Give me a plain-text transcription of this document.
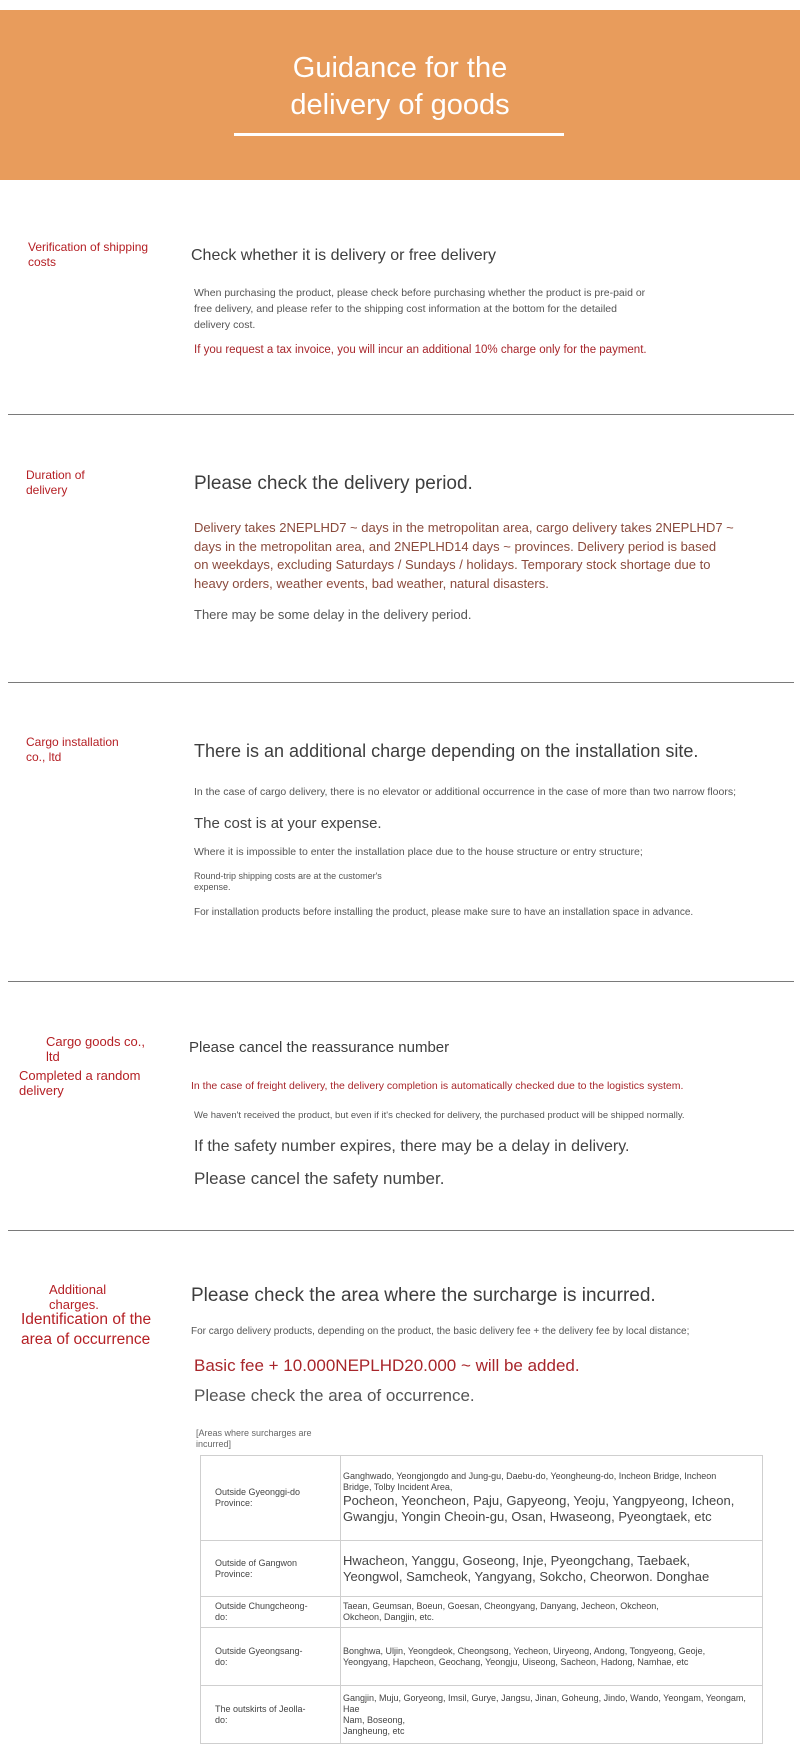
Guidance for the
delivery of goods
Verification of shipping costs	Check whether it is delivery or free delivery
When purchasing the product, please check before purchasing whether the product is pre-paid or
free delivery, and please refer to the shipping cost information at the bottom for the detailed
delivery cost.
If you request a tax invoice, you will incur an additional 10% charge only for the payment.
Duration of
delivery	Please check the delivery period.
Delivery takes 2NEPLHD7 ~ days in the metropolitan area, cargo delivery takes 2NEPLHD7 ~
days in the metropolitan area, and 2NEPLHD14 days ~ provinces. Delivery period is based
on weekdays, excluding Saturdays / Sundays / holidays. Temporary stock shortage due to
heavy orders, weather events, bad weather, natural disasters.
There may be some delay in the delivery period.
Cargo installation
co., ltd	There is an additional charge depending on the installation site.
In the case of cargo delivery, there is no elevator or additional occurrence in the case of more than two narrow floors;
The cost is at your expense.
Where it is impossible to enter the installation place due to the house structure or entry structure;
Round-trip shipping costs are at the customer's
expense.
For installation products before installing the product, please make sure to have an installation space in advance.
Cargo goods co.,
ltd
Completed a random
delivery
Please cancel the reassurance number
In the case of freight delivery, the delivery completion is automatically checked due to the logistics system.
We haven't received the product, but even if it's checked for delivery, the purchased product will be shipped normally.
If the safety number expires, there may be a delay in delivery.
Please cancel the safety number.
Additional
charges.
Identification of the
area of occurrence
Please check the area where the surcharge is incurred.
For cargo delivery products, depending on the product, the basic delivery fee + the delivery fee by local distance;
Basic fee + 10.000NEPLHD20.000 ~ will be added.
Please check the area of occurrence.
[Areas where surcharges are
incurred]
Outside Gyeonggi-do
Province:	Ganghwado, Yeongjongdo and Jung-gu, Daebu-do, Yeongheung-do, Incheon Bridge, Incheon
Bridge, Tolby Incident Area,
Pocheon, Yeoncheon, Paju, Gapyeong, Yeoju, Yangpyeong, Icheon,
Gwangju, Yongin Cheoin-gu, Osan, Hwaseong, Pyeongtaek, etc

Outside of Gangwon
Province:	Hwacheon, Yanggu, Goseong, Inje, Pyeongchang, Taebaek,
Yeongwol, Samcheok, Yangyang, Sokcho, Cheorwon. Donghae

Outside Chungcheong-
do:	Taean, Geumsan, Boeun, Goesan, Cheongyang, Danyang, Jecheon, Okcheon,
Okcheon, Dangjin, etc.

Outside Gyeongsang-
do:	Bonghwa, Uljin, Yeongdeok, Cheongsong, Yecheon, Uiryeong, Andong, Tongyeong, Geoje,
Yeongyang, Hapcheon, Geochang, Yeongju, Uiseong, Sacheon, Hadong, Namhae, etc

The outskirts of Jeolla-
do:	Gangjin, Muju, Goryeong, Imsil, Gurye, Jangsu, Jinan, Goheung, Jindo, Wando, Yeongam, Yeongam,
Hae
Nam, Boseong,
Jangheung, etc
